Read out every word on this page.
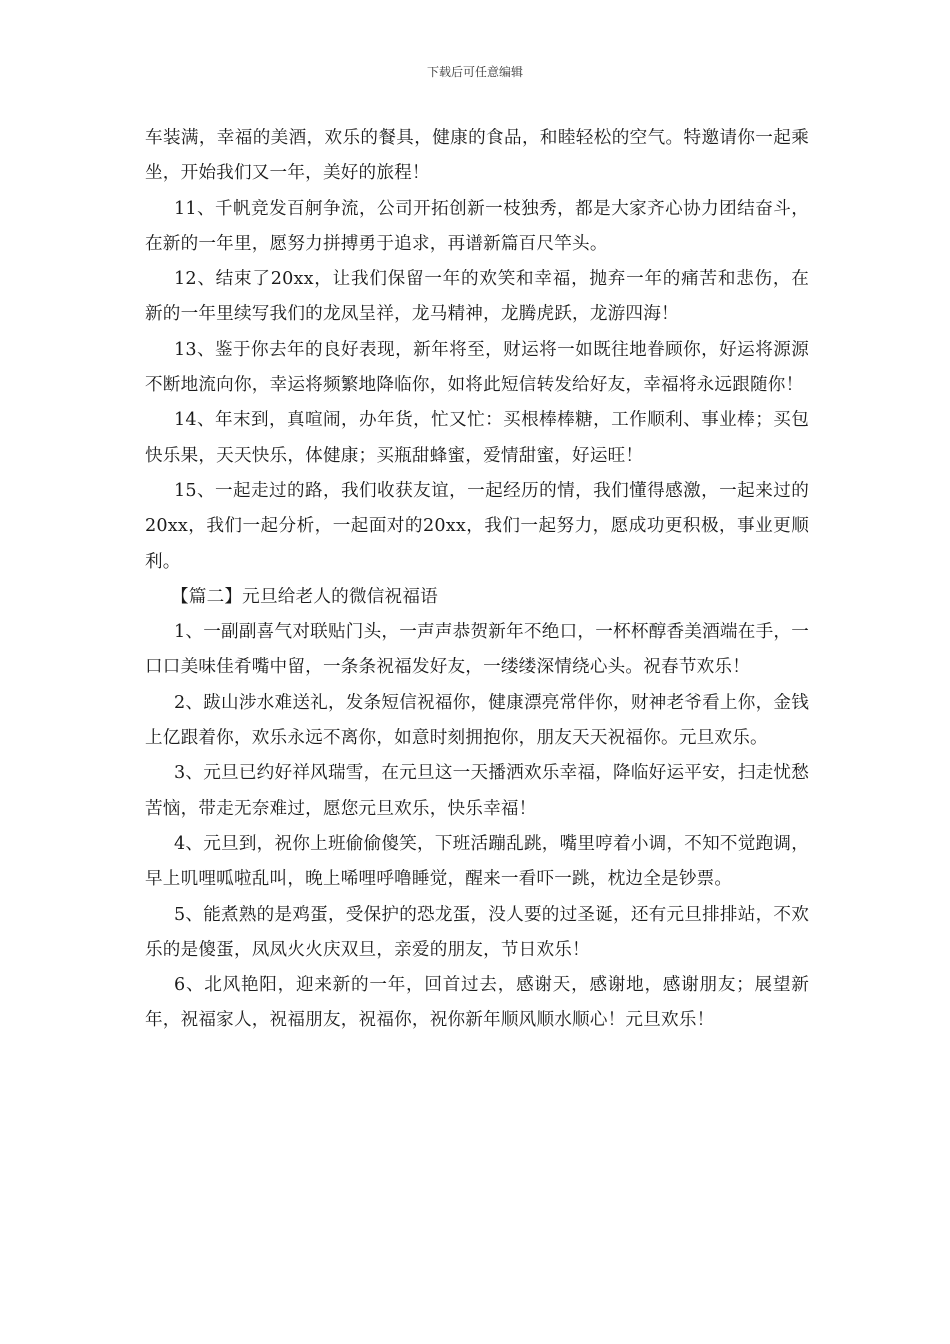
下载后可任意编辑

车装满，幸福的美酒，欢乐的餐具，健康的食品，和睦轻松的空气。特邀请你一起乘坐，开始我们又一年，美好的旅程！

11、千帆竞发百舸争流，公司开拓创新一枝独秀，都是大家齐心协力团结奋斗，在新的一年里，愿努力拼搏勇于追求，再谱新篇百尺竿头。

12、结束了20xx，让我们保留一年的欢笑和幸福，抛弃一年的痛苦和悲伤，在新的一年里续写我们的龙凤呈祥，龙马精神，龙腾虎跃，龙游四海！

13、鉴于你去年的良好表现，新年将至，财运将一如既往地眷顾你，好运将源源不断地流向你，幸运将频繁地降临你，如将此短信转发给好友，幸福将永远跟随你！

14、年末到，真喧闹，办年货，忙又忙：买根棒棒糖，工作顺利、事业棒；买包快乐果，天天快乐，体健康；买瓶甜蜂蜜，爱情甜蜜，好运旺！

15、一起走过的路，我们收获友谊，一起经历的情，我们懂得感激，一起来过的20xx，我们一起分析，一起面对的20xx，我们一起努力，愿成功更积极，事业更顺利。

【篇二】元旦给老人的微信祝福语

1、一副副喜气对联贴门头，一声声恭贺新年不绝口，一杯杯醇香美酒端在手，一口口美味佳肴嘴中留，一条条祝福发好友，一缕缕深情绕心头。祝春节欢乐！

2、跋山涉水难送礼，发条短信祝福你，健康漂亮常伴你，财神老爷看上你，金钱上亿跟着你，欢乐永远不离你，如意时刻拥抱你，朋友天天祝福你。元旦欢乐。

3、元旦已约好祥风瑞雪，在元旦这一天播洒欢乐幸福，降临好运平安，扫走忧愁苦恼，带走无奈难过，愿您元旦欢乐，快乐幸福！

4、元旦到，祝你上班偷偷傻笑，下班活蹦乱跳，嘴里哼着小调，不知不觉跑调，早上叽哩呱啦乱叫，晚上唏哩呼噜睡觉，醒来一看吓一跳，枕边全是钞票。

5、能煮熟的是鸡蛋，受保护的恐龙蛋，没人要的过圣诞，还有元旦排排站，不欢乐的是傻蛋，凤凤火火庆双旦，亲爱的朋友，节日欢乐！

6、北风艳阳，迎来新的一年，回首过去，感谢天，感谢地，感谢朋友；展望新年，祝福家人，祝福朋友，祝福你，祝你新年顺风顺水顺心！元旦欢乐！
